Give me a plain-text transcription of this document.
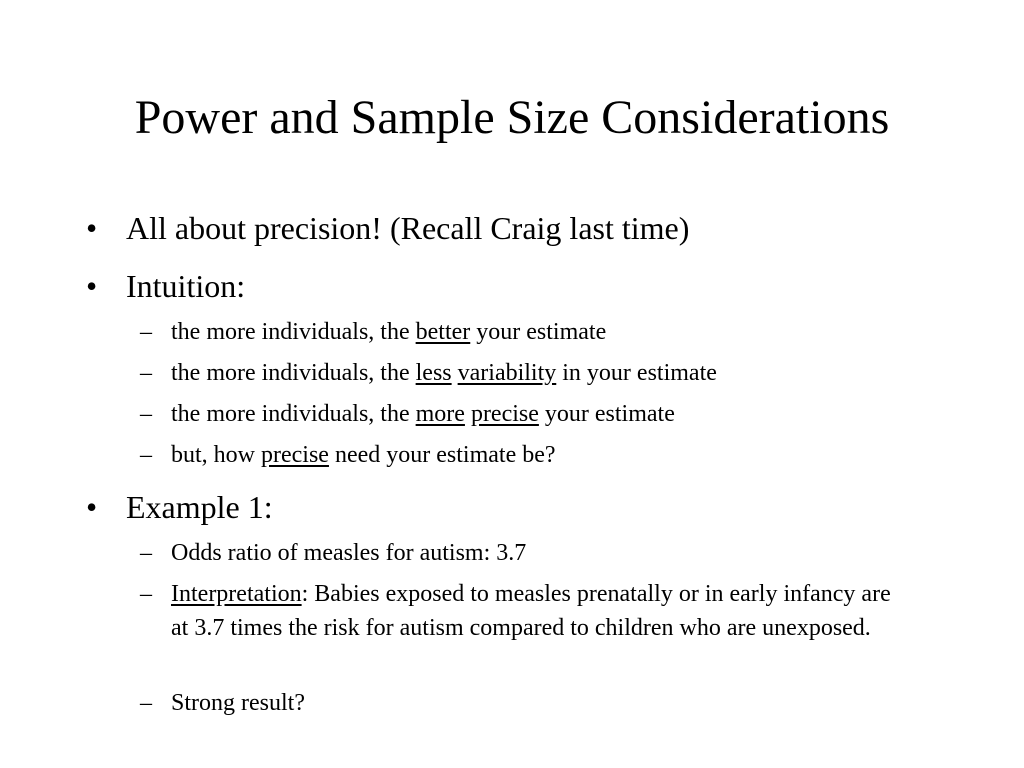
Power and Sample Size Considerations
• All about precision! (Recall Craig last time)
• Intuition:
– the more individuals, the better your estimate
– the more individuals, the less variability in your estimate
– the more individuals, the more precise your estimate
– but, how precise need your estimate be?
• Example 1:
– Odds ratio of measles for autism: 3.7
– Interpretation: Babies exposed to measles prenatally or in early infancy are at 3.7 times the risk for autism compared to children who are unexposed.
– Strong result?
